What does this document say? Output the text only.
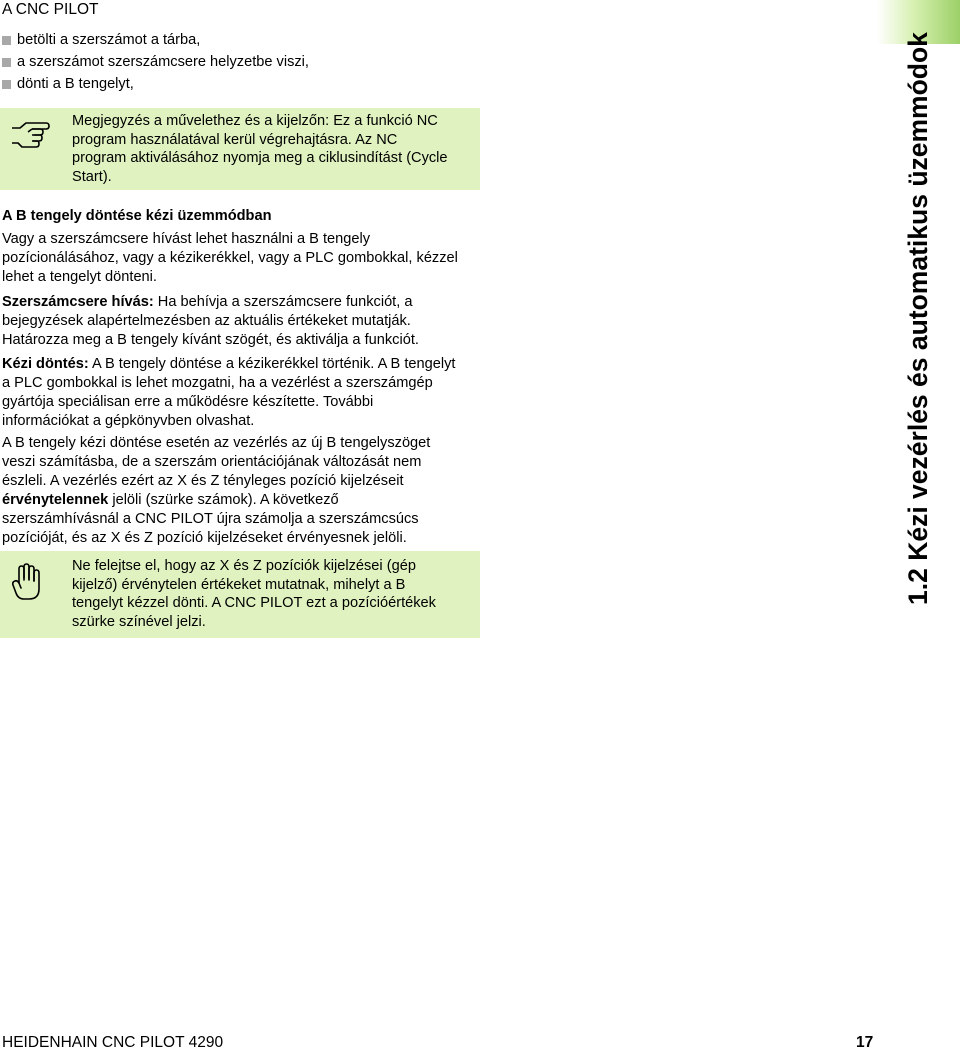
A CNC PILOT
betölti a szerszámot a tárba,
a szerszámot szerszámcsere helyzetbe viszi,
dönti a B tengelyt,
Megjegyzés a művelethez és a kijelzőn: Ez a funkció NC
program használatával kerül végrehajtásra. Az NC
program aktiválásához nyomja meg a ciklusindítást (Cycle
Start).
A B tengely döntése kézi üzemmódban
Vagy a szerszámcsere hívást lehet használni a B tengely
pozícionálásához, vagy a kézikerékkel, vagy a PLC gombokkal, kézzel
lehet a tengelyt dönteni.
Szerszámcsere hívás: Ha behívja a szerszámcsere funkciót, a
bejegyzések alapértelmezésben az aktuális értékeket mutatják.
Határozza meg a B tengely kívánt szögét, és aktiválja a funkciót.
Kézi döntés: A B tengely döntése a kézikerékkel történik. A B tengelyt
a PLC gombokkal is lehet mozgatni, ha a vezérlést a szerszámgép
gyártója speciálisan erre a működésre készítette. További
információkat a gépkönyvben olvashat.
A B tengely kézi döntése esetén az vezérlés az új B tengelyszöget
veszi számításba, de a szerszám orientációjának változását nem
észleli. A vezérlés ezért az X és Z tényleges pozíció kijelzéseit
érvénytelennek jelöli (szürke számok). A következő
szerszámhívásnál a CNC PILOT újra számolja a szerszámcsúcs
pozícióját, és az X és Z pozíció kijelzéseket érvényesnek jelöli.
Ne felejtse el, hogy az X és Z pozíciók kijelzései (gép
kijelző) érvénytelen értékeket mutatnak, mihelyt a B
tengelyt kézzel dönti. A CNC PILOT ezt a pozícióértékek
szürke színével jelzi.
1.2 Kézi vezérlés és automatikus üzemmódok
HEIDENHAIN CNC PILOT 4290	17
